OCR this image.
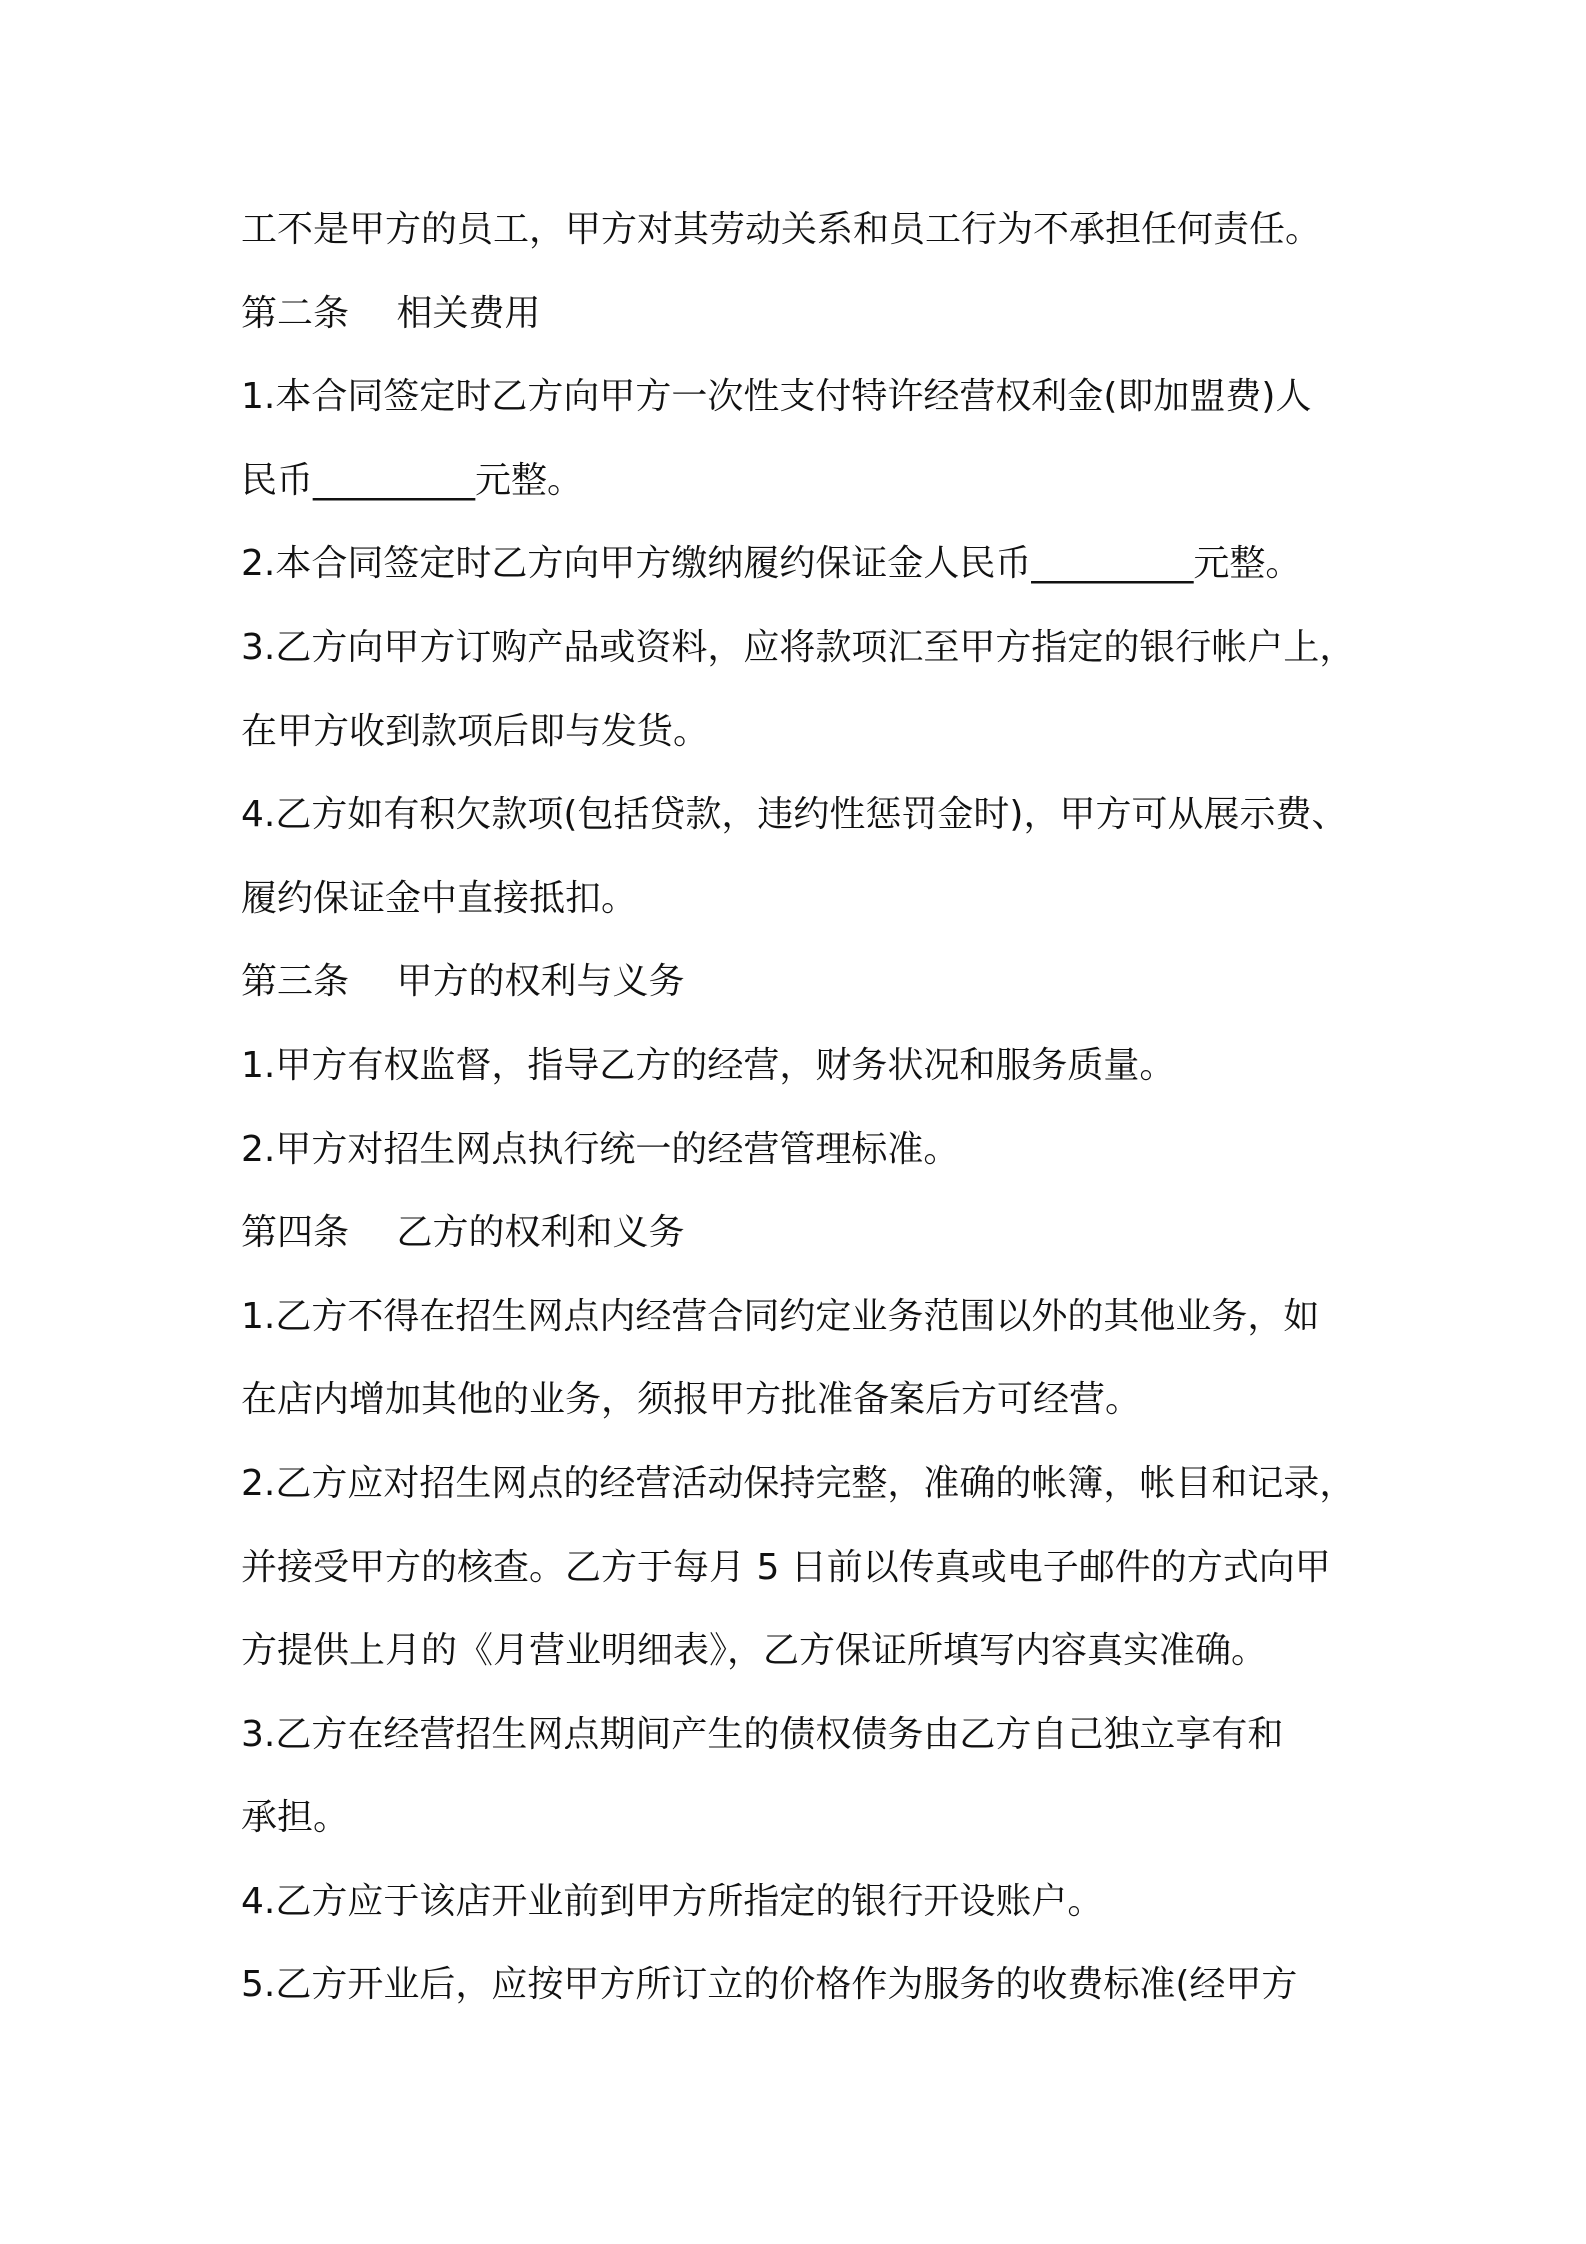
工不是甲方的员工，甲方对其劳动关系和员工行为不承担任何责任。
第二条　 相关费用
1.本合同签定时乙方向甲方一次性支付特许经营权利金(即加盟费)人
民币_________元整。
2.本合同签定时乙方向甲方缴纳履约保证金人民币_________元整。
3.乙方向甲方订购产品或资料，应将款项汇至甲方指定的银行帐户上，
在甲方收到款项后即与发货。
4.乙方如有积欠款项(包括贷款，违约性惩罚金时)，甲方可从展示费、
履约保证金中直接抵扣。
第三条　 甲方的权利与义务
1.甲方有权监督，指导乙方的经营，财务状况和服务质量。
2.甲方对招生网点执行统一的经营管理标准。
第四条　 乙方的权利和义务
1.乙方不得在招生网点内经营合同约定业务范围以外的其他业务，如
在店内增加其他的业务，须报甲方批准备案后方可经营。
2.乙方应对招生网点的经营活动保持完整，准确的帐簿，帐目和记录，
并接受甲方的核查。乙方于每月 5 日前以传真或电子邮件的方式向甲
方提供上月的《月营业明细表》，乙方保证所填写内容真实准确。
3.乙方在经营招生网点期间产生的债权债务由乙方自己独立享有和
承担。
4.乙方应于该店开业前到甲方所指定的银行开设账户。
5.乙方开业后，应按甲方所订立的价格作为服务的收费标准(经甲方
